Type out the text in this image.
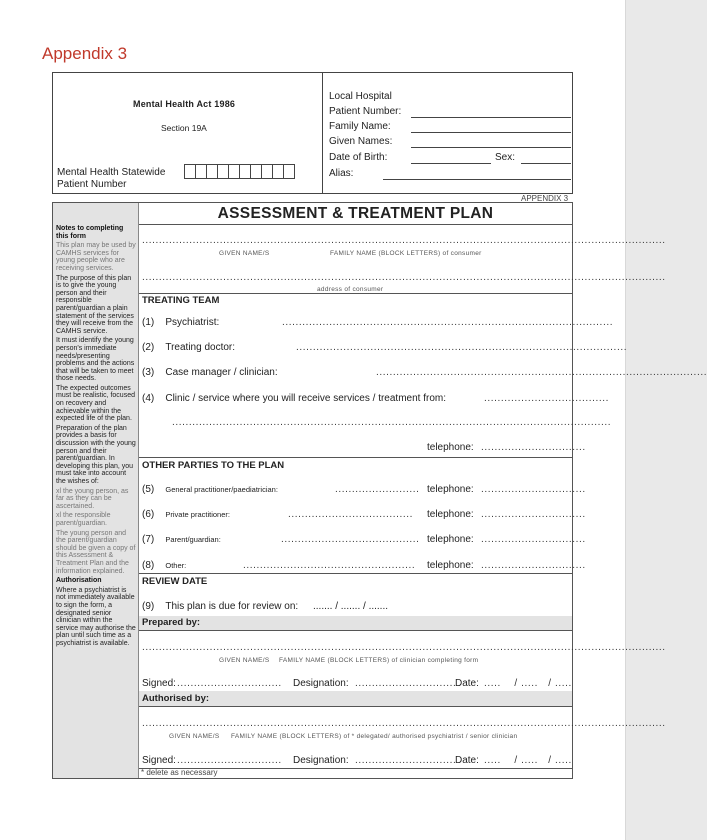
Appendix 3
Mental Health Act 1986
Section 19A
Mental Health Statewide
Patient Number
Local Hospital
Patient Number:
Family Name:
Given Names:
Date of Birth:	Sex:
Alias:
APPENDIX 3

Notes to completing this form

This plan may be used by CAMHS services for young people who are receiving services.

The purpose of this plan is to give the young person and their responsible parent/guardian a plain statement of the services they will receive from the CAMHS service.

It must identify the young person's immediate needs/presenting problems and the actions that will be taken to meet those needs.

The expected outcomes must be realistic, focused on recovery and achievable within the expected life of the plan.

Preparation of the plan provides a basis for discussion with the young person and their parent/guardian. In developing this plan, you must take into account the wishes of:

xl the young person, as far as they can be ascertained.

xl the responsible parent/guardian.

The young person and the parent/guardian should be given a copy of this Assessment & Treatment Plan and the information explained.

Authorisation

Where a psychiatrist is not immediately available to sign the form, a designated senior clinician within the service may authorise the plan until such time as a psychiatrist is available.

ASSESSMENT & TREATMENT PLAN
...........................................................................................................................................................
GIVEN NAME/S	FAMILY NAME (BLOCK LETTERS) of consumer
...........................................................................................................................................................
address of consumer
TREATING TEAM
(1) Psychiatrist:	..................................................................................................
(2) Treating doctor:	..................................................................................................
(3) Case manager / clinician:	..................................................................................................
(4) Clinic / service where you will receive services / treatment from:	.....................................
..................................................................................................................................
telephone: ...............................
OTHER PARTIES TO THE PLAN
(5) General practitioner/paediatrician:	......................... telephone: ...............................
(6) Private practitioner:	..................................... telephone: ...............................
(7) Parent/guardian:	......................................... telephone: ...............................
(8) Other:	................................................... telephone: ...............................
REVIEW DATE
(9) This plan is due for review on: ....... / ....... / .......
Prepared by:
...........................................................................................................................................................
GIVEN NAME/S FAMILY NAME (BLOCK LETTERS) of clinician completing form
Signed: ............................... Designation: ..............................
Date: .....    / .....   / .....
Authorised by:
...........................................................................................................................................................
GIVEN NAME/S FAMILY NAME (BLOCK LETTERS) of * delegated/ authorised psychiatrist / senior clinician
Signed: ............................... Designation: ..............................
Date: .....    / .....   / .....
* delete as necessary
